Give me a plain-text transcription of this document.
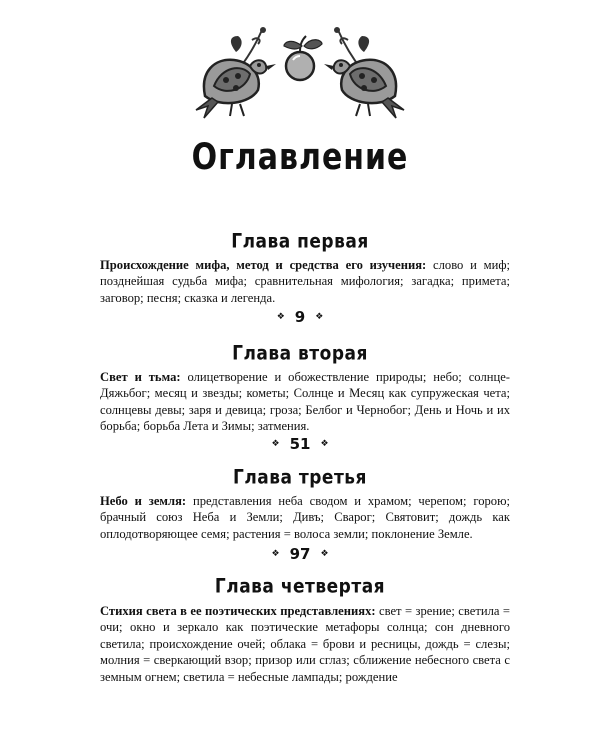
Оглавление
Глава первая
Происхождение мифа, метод и средства его изучения: слово и миф; позднейшая судьба мифа; сравнительная мифология; загадка; примета; заговор; песня; сказка и легенда.
❖ 9 ❖
Глава вторая
Свет и тьма: олицетворение и обожествление природы; небо; солнце-Дяжьбог; месяц и звезды; кометы; Солнце и Месяц как супружеская чета; солнцевы девы; заря и девица; гроза; Белбог и Чернобог; День и Ночь и их борьба; борьба Лета и Зимы; затмения.
❖ 51 ❖
Глава третья
Небо и земля: представления неба сводом и храмом; черепом; горою; брачный союз Неба и Земли; Дивъ; Сварог; Святовит; дождь как оплодотворяющее семя; растения = волоса земли; поклонение Земле.
❖ 97 ❖
Глава четвертая
Стихия света в ее поэтических представлениях: свет = зрение; светила = очи; окно и зеркало как поэтические метафоры солнца; сон дневного светила; происхождение очей; облака = брови и ресницы, дождь = слезы; молния = сверкающий взор; призор или сглаз; сближение небесного света с земным огнем; светила = небесные лампады; рождение
